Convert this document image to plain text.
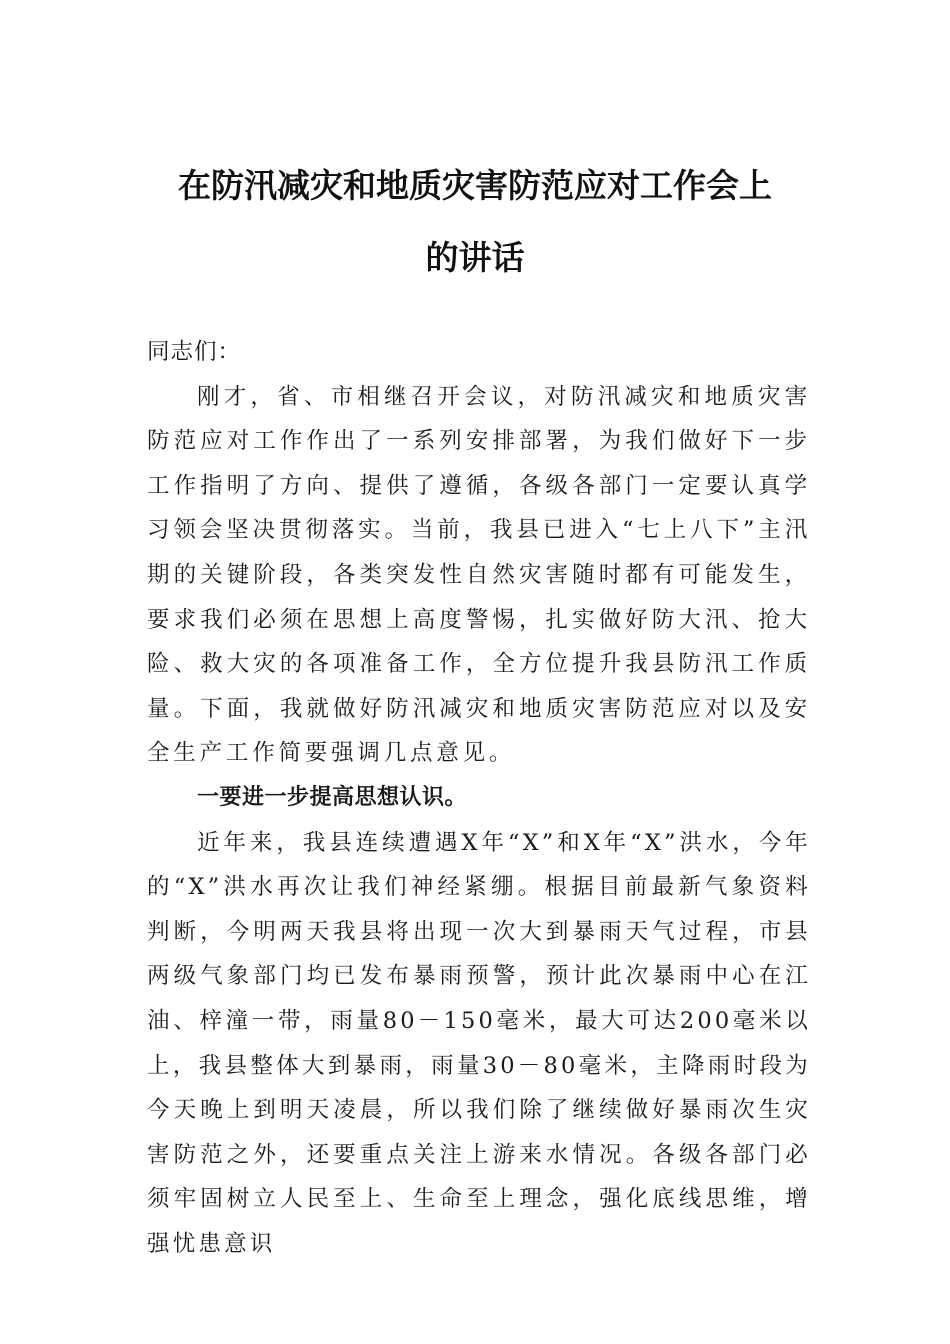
在防汛减灾和地质灾害防范应对工作会上
的讲话
同志们：

刚才，省、市相继召开会议，对防汛减灾和地质灾害防范应对工作作出了一系列安排部署，为我们做好下一步工作指明了方向、提供了遵循，各级各部门一定要认真学习领会坚决贯彻落实。当前，我县已进入“七上八下”主汛期的关键阶段，各类突发性自然灾害随时都有可能发生，要求我们必须在思想上高度警惕，扎实做好防大汛、抢大险、救大灾的各项准备工作，全方位提升我县防汛工作质量。下面，我就做好防汛减灾和地质灾害防范应对以及安全生产工作简要强调几点意见。

一要进一步提高思想认识。

近年来，我县连续遭遇X年“X”和X年“X”洪水，今年的“X”洪水再次让我们神经紧绷。根据目前最新气象资料判断，今明两天我县将出现一次大到暴雨天气过程，市县两级气象部门均已发布暴雨预警，预计此次暴雨中心在江油、梓潼一带，雨量80－150毫米，最大可达200毫米以上，我县整体大到暴雨，雨量30－80毫米，主降雨时段为今天晚上到明天凌晨，所以我们除了继续做好暴雨次生灾害防范之外，还要重点关注上游来水情况。各级各部门必须牢固树立人民至上、生命至上理念，强化底线思维，增强忧患意识
